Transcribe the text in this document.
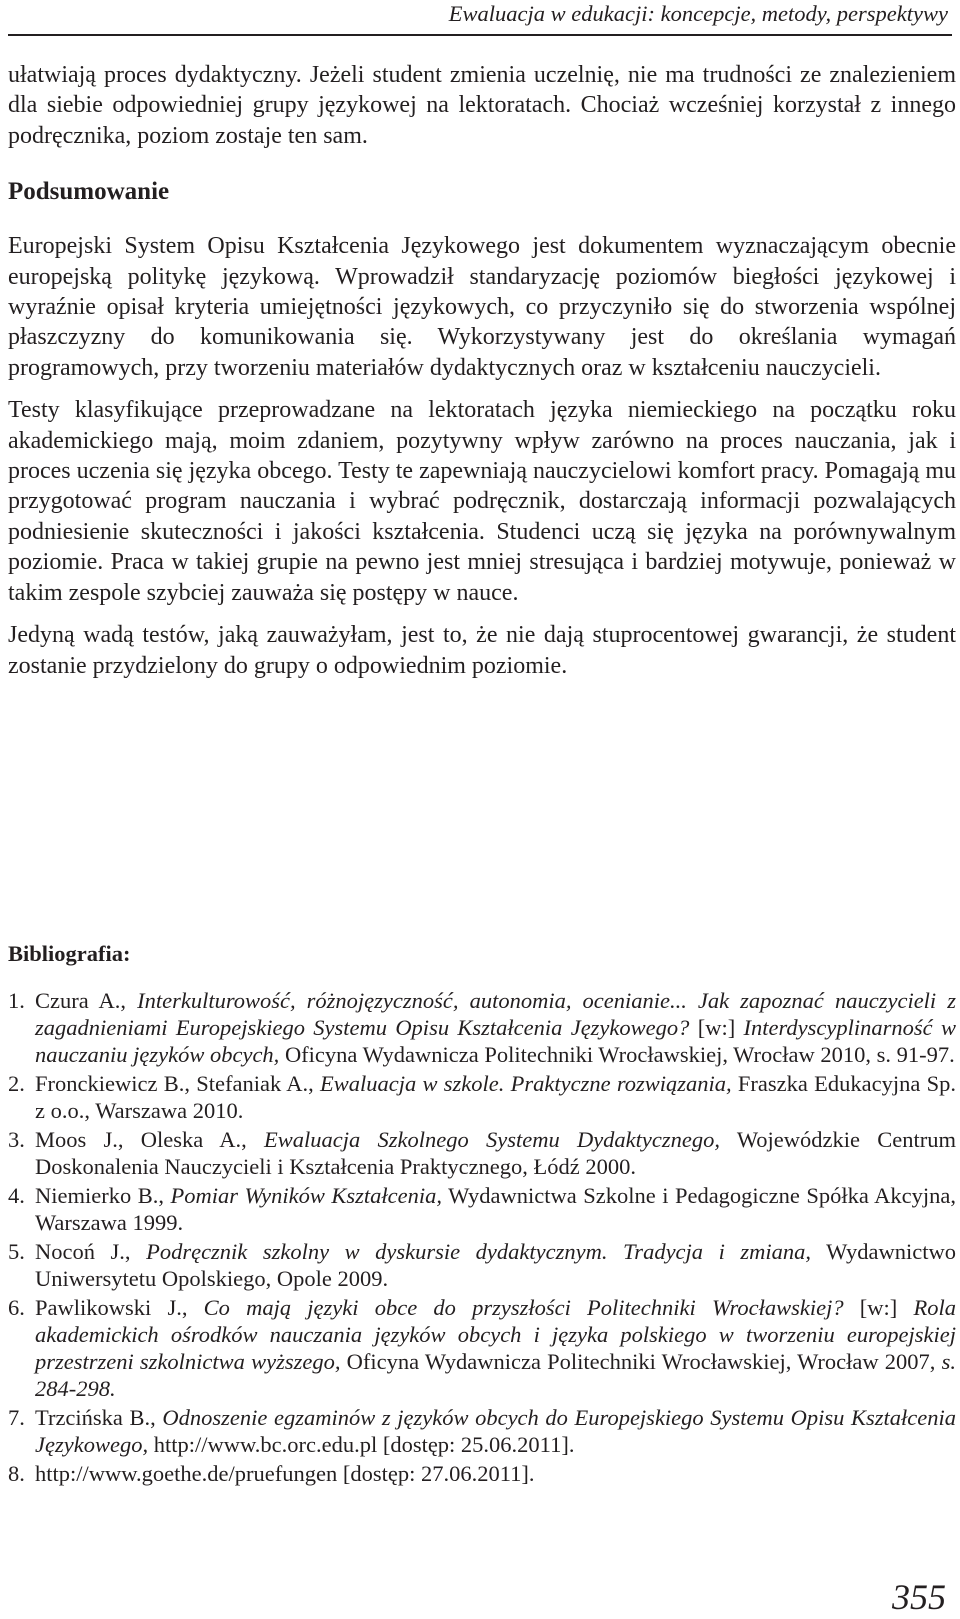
Ewaluacja w edukacji: koncepcje, metody, perspektywy

ułatwiają proces dydaktyczny. Jeżeli student zmienia uczelnię, nie ma trudności ze znalezieniem dla siebie odpowiedniej grupy językowej na lektoratach. Chociaż wcześniej korzystał z innego podręcznika, poziom zostaje ten sam.

Podsumowanie

Europejski System Opisu Kształcenia Językowego jest dokumentem wyznaczającym obecnie europejską politykę językową. Wprowadził standaryzację poziomów biegłości językowej i wyraźnie opisał kryteria umiejętności językowych, co przyczyniło się do stworzenia wspólnej płaszczyzny do komunikowania się. Wykorzystywany jest do określania wymagań programowych, przy tworzeniu materiałów dydaktycznych oraz w kształceniu nauczycieli.

Testy klasyfikujące przeprowadzane na lektoratach języka niemieckiego na początku roku akademickiego mają, moim zdaniem, pozytywny wpływ zarówno na proces nauczania, jak i proces uczenia się języka obcego. Testy te zapewniają nauczycielowi komfort pracy. Pomagają mu przygotować program nauczania i wybrać podręcznik, dostarczają informacji pozwalających podniesienie skuteczności i jakości kształcenia. Studenci uczą się języka na porównywalnym poziomie. Praca w takiej grupie na pewno jest mniej stresująca i bardziej motywuje, ponieważ w takim zespole szybciej zauważa się postępy w nauce.

Jedyną wadą testów, jaką zauważyłam, jest to, że nie dają stuprocentowej gwarancji, że student zostanie przydzielony do grupy o odpowiednim poziomie.

Bibliografia:
1. Czura A., Interkulturowość, różnojęzyczność, autonomia, ocenianie... Jak zapoznać nauczycieli z zagadnieniami Europejskiego Systemu Opisu Kształcenia Językowego? [w:] Interdyscyplinarność w nauczaniu języków obcych, Oficyna Wydawnicza Politechniki Wrocławskiej, Wrocław 2010, s. 91-97.
2. Fronckiewicz B., Stefaniak A., Ewaluacja w szkole. Praktyczne rozwiązania, Fraszka Edukacyjna Sp. z o.o., Warszawa 2010.
3. Moos J., Oleska A., Ewaluacja Szkolnego Systemu Dydaktycznego, Wojewódzkie Centrum Doskonalenia Nauczycieli i Kształcenia Praktycznego, Łódź 2000.
4. Niemierko B., Pomiar Wyników Kształcenia, Wydawnictwa Szkolne i Pedagogiczne Spółka Akcyjna, Warszawa 1999.
5. Nocoń J., Podręcznik szkolny w dyskursie dydaktycznym. Tradycja i zmiana, Wydawnictwo Uniwersytetu Opolskiego, Opole 2009.
6. Pawlikowski J., Co mają języki obce do przyszłości Politechniki Wrocławskiej? [w:] Rola akademickich ośrodków nauczania języków obcych i języka polskiego w tworzeniu europejskiej przestrzeni szkolnictwa wyższego, Oficyna Wydawnicza Politechniki Wrocławskiej, Wrocław 2007, s. 284-298.
7. Trzcińska B., Odnoszenie egzaminów z języków obcych do Europejskiego Systemu Opisu Kształcenia Językowego, http://www.bc.orc.edu.pl [dostęp: 25.06.2011].
8. http://www.goethe.de/pruefungen [dostęp: 27.06.2011].
355
